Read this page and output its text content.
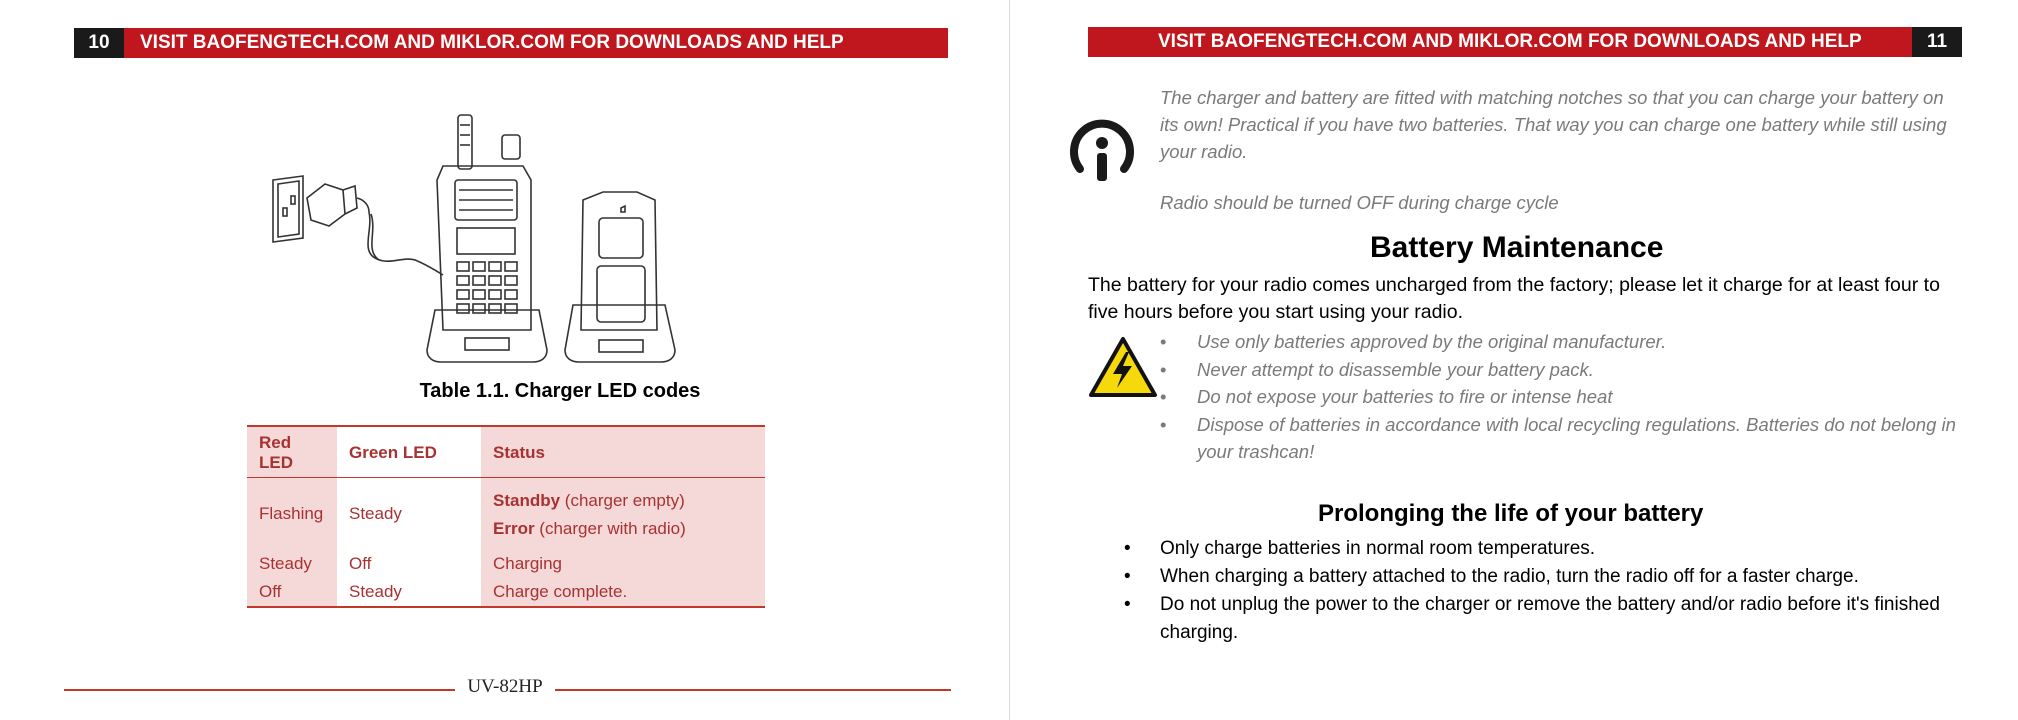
10	VISIT BAOFENGTECH.COM AND MIKLOR.COM FOR DOWNLOADS AND HELP
Table 1.1. Charger LED codes
Red LED	Green LED	Status
Flashing	Steady	Standby (charger empty)
Error (charger with radio)

Steady	Off	Charging
Off	Steady	Charge complete.
UV-82HP
VISIT BAOFENGTECH.COM AND MIKLOR.COM FOR DOWNLOADS AND HELP	11
The charger and battery are fitted with matching notches so that you can charge your battery on its own! Practical if you have two batteries. That way you can charge one battery while still using your radio.
Radio should be turned OFF during charge cycle
Battery Maintenance
The battery for your radio comes uncharged from the factory; please let it charge for at least four to five hours before you start using your radio.
• Use only batteries approved by the original manufacturer.
• Never attempt to disassemble your battery pack.
• Do not expose your batteries to fire or intense heat
• Dispose of batteries in accordance with local recycling regulations. Batteries do not belong in your trashcan!
Prolonging the life of your battery
• Only charge batteries in normal room temperatures.
• When charging a battery attached to the radio, turn the radio off for a faster charge.
• Do not unplug the power to the charger or remove the battery and/or radio before it's finished charging.
